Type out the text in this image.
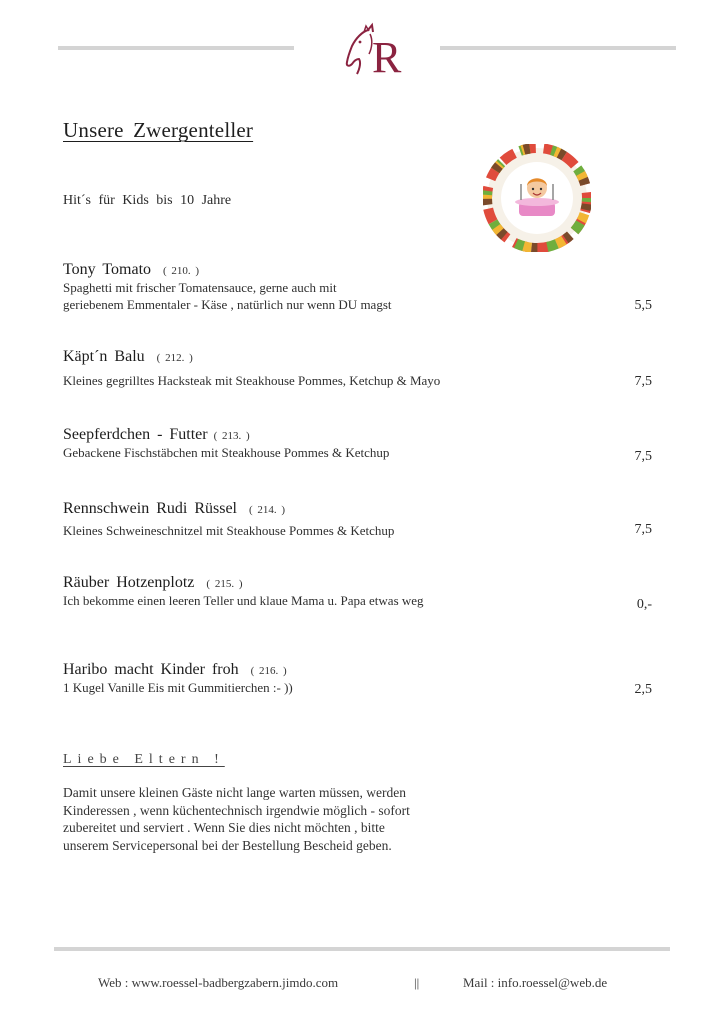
R
Unsere Zwergenteller
Hit´s für Kids bis 10 Jahre
Tony Tomato ( 210. )
Spaghetti mit frischer Tomatensauce, gerne auch mit
geriebenem Emmentaler - Käse , natürlich nur wenn DU magst	5,5
Käpt´n Balu ( 212. )
Kleines gegrilltes Hacksteak mit Steakhouse Pommes, Ketchup & Mayo	7,5
Seepferdchen - Futter ( 213. )
Gebackene Fischstäbchen mit Steakhouse Pommes & Ketchup	7,5
Rennschwein Rudi Rüssel ( 214. )
Kleines Schweineschnitzel mit Steakhouse Pommes & Ketchup	7,5
Räuber Hotzenplotz ( 215. )
Ich bekomme einen leeren Teller und klaue Mama u. Papa etwas weg	0,-
Haribo macht Kinder froh ( 216. )
1 Kugel Vanille Eis mit Gummitierchen :- ))	2,5
Liebe Eltern !
Damit unsere kleinen Gäste nicht lange warten müssen, werden
Kinderessen , wenn küchentechnisch irgendwie möglich - sofort
zubereitet und serviert . Wenn Sie dies nicht möchten , bitte
unserem Servicepersonal bei der Bestellung Bescheid geben.
Web : www.roessel-badbergzabern.jimdo.com	||	Mail : info.roessel@web.de
